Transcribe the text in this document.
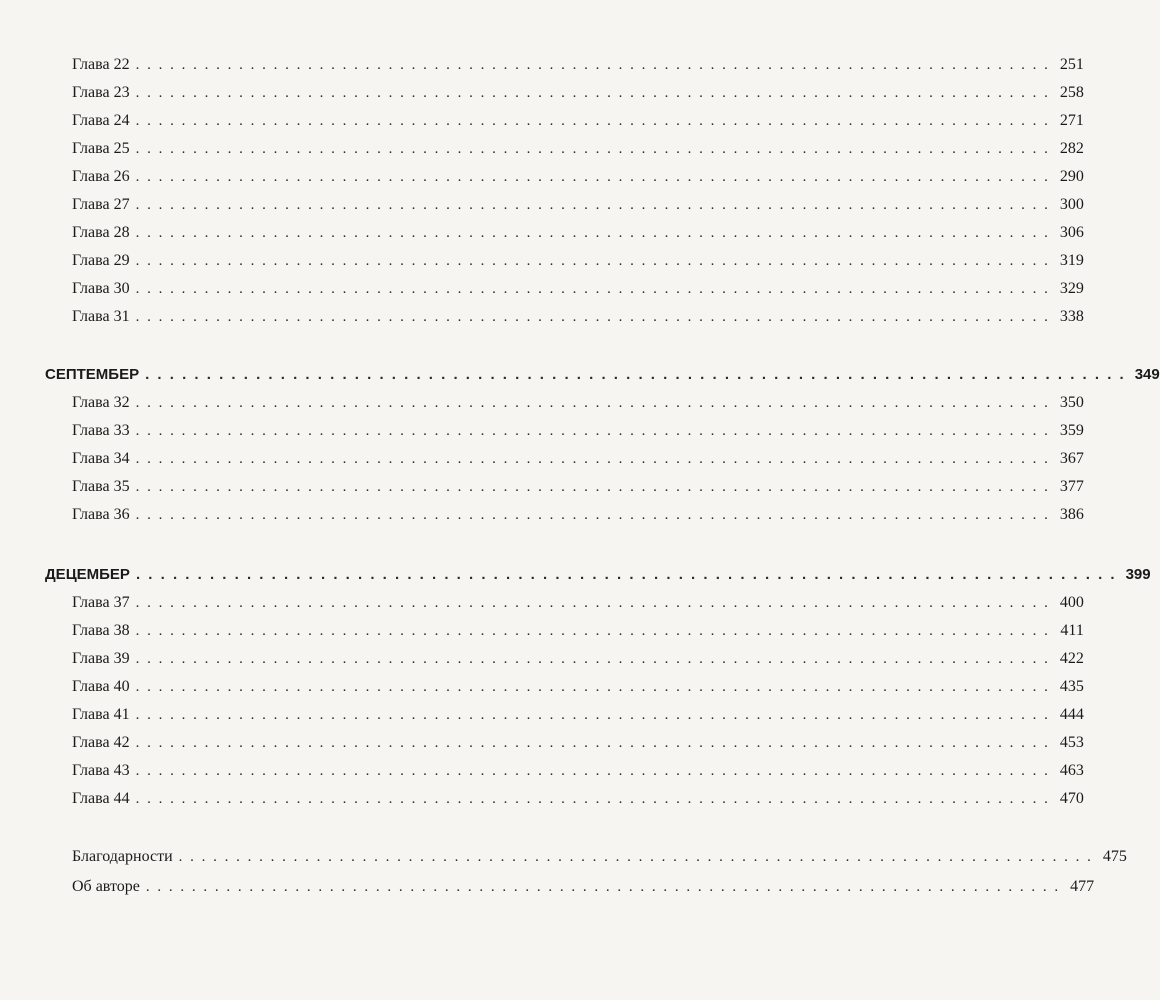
Глава 22 . . . . . . . . . . . . . . . . . . . . . . . . . . . . . . . . . . . . . . . . . . . . . . . . . . . . . . . . . . . . . . . . . . . . . . . . . . . . . . . . 251
Глава 23 . . . . . . . . . . . . . . . . . . . . . . . . . . . . . . . . . . . . . . . . . . . . . . . . . . . . . . . . . . . . . . . . . . . . . . . . . . . . . . . . 258
Глава 24 . . . . . . . . . . . . . . . . . . . . . . . . . . . . . . . . . . . . . . . . . . . . . . . . . . . . . . . . . . . . . . . . . . . . . . . . . . . . . . . . 271
Глава 25 . . . . . . . . . . . . . . . . . . . . . . . . . . . . . . . . . . . . . . . . . . . . . . . . . . . . . . . . . . . . . . . . . . . . . . . . . . . . . . . . 282
Глава 26 . . . . . . . . . . . . . . . . . . . . . . . . . . . . . . . . . . . . . . . . . . . . . . . . . . . . . . . . . . . . . . . . . . . . . . . . . . . . . . . . 290
Глава 27 . . . . . . . . . . . . . . . . . . . . . . . . . . . . . . . . . . . . . . . . . . . . . . . . . . . . . . . . . . . . . . . . . . . . . . . . . . . . . . . . 300
Глава 28 . . . . . . . . . . . . . . . . . . . . . . . . . . . . . . . . . . . . . . . . . . . . . . . . . . . . . . . . . . . . . . . . . . . . . . . . . . . . . . . . 306
Глава 29 . . . . . . . . . . . . . . . . . . . . . . . . . . . . . . . . . . . . . . . . . . . . . . . . . . . . . . . . . . . . . . . . . . . . . . . . . . . . . . . . 319
Глава 30 . . . . . . . . . . . . . . . . . . . . . . . . . . . . . . . . . . . . . . . . . . . . . . . . . . . . . . . . . . . . . . . . . . . . . . . . . . . . . . . . 329
Глава 31 . . . . . . . . . . . . . . . . . . . . . . . . . . . . . . . . . . . . . . . . . . . . . . . . . . . . . . . . . . . . . . . . . . . . . . . . . . . . . . . . 338
СЕПТЕМБЕР . . . . . . . . . . . . . . . . . . . . . . . . . . . . . . . . . . . . . . . . . . . . . . . . . . . . . . . . . . . . . . . . . . . . . . . . . . . . . . . . 349
Глава 32 . . . . . . . . . . . . . . . . . . . . . . . . . . . . . . . . . . . . . . . . . . . . . . . . . . . . . . . . . . . . . . . . . . . . . . . . . . . . . . . . 350
Глава 33 . . . . . . . . . . . . . . . . . . . . . . . . . . . . . . . . . . . . . . . . . . . . . . . . . . . . . . . . . . . . . . . . . . . . . . . . . . . . . . . . 359
Глава 34 . . . . . . . . . . . . . . . . . . . . . . . . . . . . . . . . . . . . . . . . . . . . . . . . . . . . . . . . . . . . . . . . . . . . . . . . . . . . . . . . 367
Глава 35 . . . . . . . . . . . . . . . . . . . . . . . . . . . . . . . . . . . . . . . . . . . . . . . . . . . . . . . . . . . . . . . . . . . . . . . . . . . . . . . . 377
Глава 36 . . . . . . . . . . . . . . . . . . . . . . . . . . . . . . . . . . . . . . . . . . . . . . . . . . . . . . . . . . . . . . . . . . . . . . . . . . . . . . . . 386
ДЕЦЕМБЕР . . . . . . . . . . . . . . . . . . . . . . . . . . . . . . . . . . . . . . . . . . . . . . . . . . . . . . . . . . . . . . . . . . . . . . . . . . . . . . . . 399
Глава 37 . . . . . . . . . . . . . . . . . . . . . . . . . . . . . . . . . . . . . . . . . . . . . . . . . . . . . . . . . . . . . . . . . . . . . . . . . . . . . . . . 400
Глава 38 . . . . . . . . . . . . . . . . . . . . . . . . . . . . . . . . . . . . . . . . . . . . . . . . . . . . . . . . . . . . . . . . . . . . . . . . . . . . . . . . 411
Глава 39 . . . . . . . . . . . . . . . . . . . . . . . . . . . . . . . . . . . . . . . . . . . . . . . . . . . . . . . . . . . . . . . . . . . . . . . . . . . . . . . . 422
Глава 40 . . . . . . . . . . . . . . . . . . . . . . . . . . . . . . . . . . . . . . . . . . . . . . . . . . . . . . . . . . . . . . . . . . . . . . . . . . . . . . . . 435
Глава 41 . . . . . . . . . . . . . . . . . . . . . . . . . . . . . . . . . . . . . . . . . . . . . . . . . . . . . . . . . . . . . . . . . . . . . . . . . . . . . . . . 444
Глава 42 . . . . . . . . . . . . . . . . . . . . . . . . . . . . . . . . . . . . . . . . . . . . . . . . . . . . . . . . . . . . . . . . . . . . . . . . . . . . . . . . 453
Глава 43 . . . . . . . . . . . . . . . . . . . . . . . . . . . . . . . . . . . . . . . . . . . . . . . . . . . . . . . . . . . . . . . . . . . . . . . . . . . . . . . . 463
Глава 44 . . . . . . . . . . . . . . . . . . . . . . . . . . . . . . . . . . . . . . . . . . . . . . . . . . . . . . . . . . . . . . . . . . . . . . . . . . . . . . . . 470
Благодарности . . . . . . . . . . . . . . . . . . . . . . . . . . . . . . . . . . . . . . . . . . . . . . . . . . . . . . . . . . . . . . . . . . . . . . . . . . . . . . . . 475
Об авторе . . . . . . . . . . . . . . . . . . . . . . . . . . . . . . . . . . . . . . . . . . . . . . . . . . . . . . . . . . . . . . . . . . . . . . . . . . . . . . . . 477
